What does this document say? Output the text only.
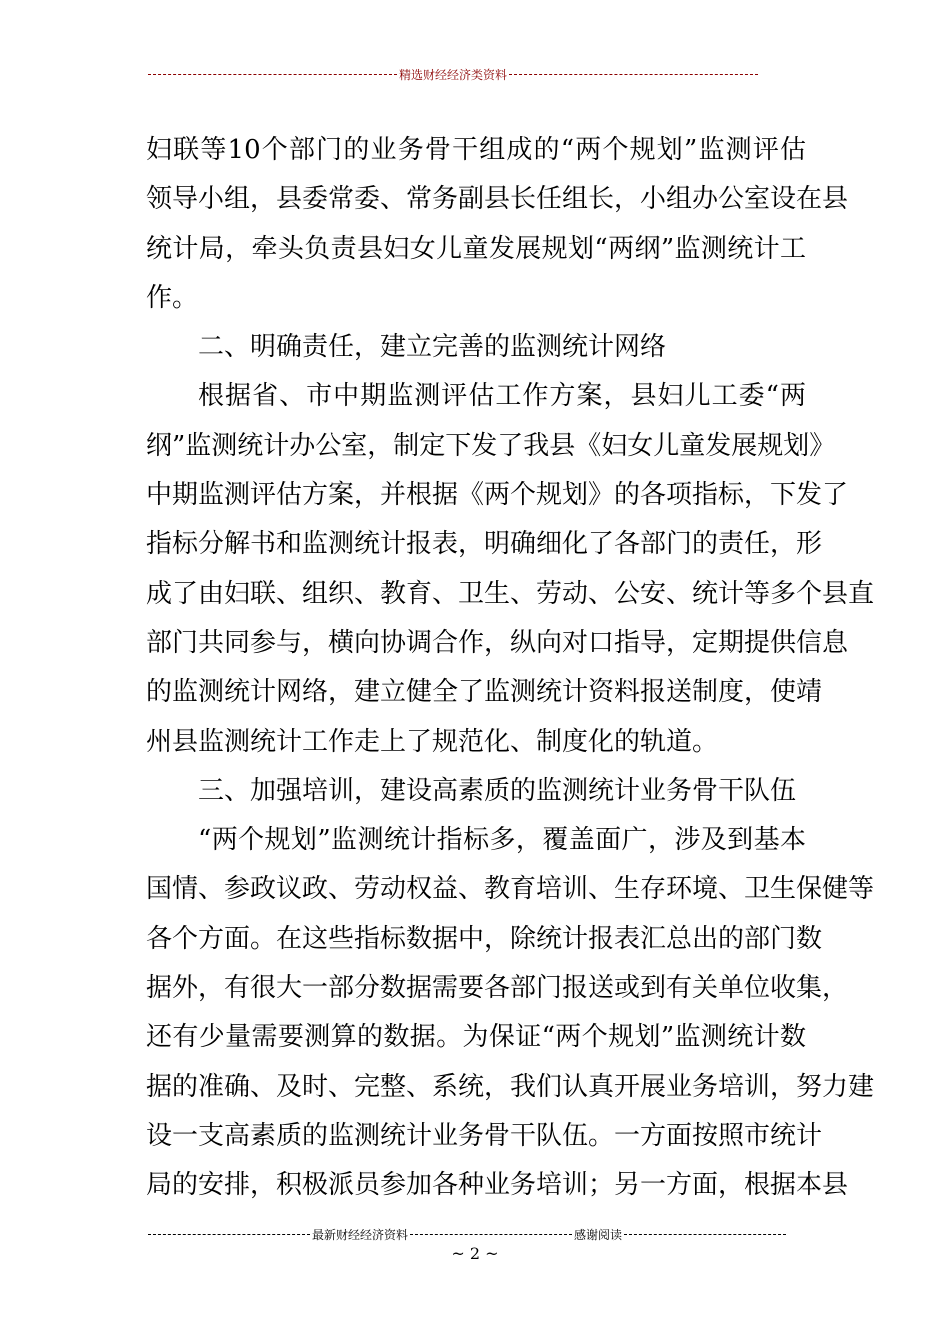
精选财经经济类资料
妇联等10个部门的业务骨干组成的“两个规划”监测评估
领导小组，县委常委、常务副县长任组长，小组办公室设在县
统计局，牵头负责县妇女儿童发展规划“两纲”监测统计工
作。
二、明确责任，建立完善的监测统计网络
根据省、市中期监测评估工作方案，县妇儿工委“两
纲”监测统计办公室，制定下发了我县《妇女儿童发展规划》
中期监测评估方案，并根据《两个规划》的各项指标，下发了
指标分解书和监测统计报表，明确细化了各部门的责任，形
成了由妇联、组织、教育、卫生、劳动、公安、统计等多个县直
部门共同参与，横向协调合作，纵向对口指导，定期提供信息
的监测统计网络，建立健全了监测统计资料报送制度，使靖
州县监测统计工作走上了规范化、制度化的轨道。
三、加强培训，建设高素质的监测统计业务骨干队伍
“两个规划”监测统计指标多，覆盖面广，涉及到基本
国情、参政议政、劳动权益、教育培训、生存环境、卫生保健等
各个方面。在这些指标数据中，除统计报表汇总出的部门数
据外，有很大一部分数据需要各部门报送或到有关单位收集，
还有少量需要测算的数据。为保证“两个规划”监测统计数
据的准确、及时、完整、系统，我们认真开展业务培训，努力建
设一支高素质的监测统计业务骨干队伍。一方面按照市统计
局的安排，积极派员参加各种业务培训；另一方面，根据本县
最新财经经济资料	感谢阅读
~ 2 ~
